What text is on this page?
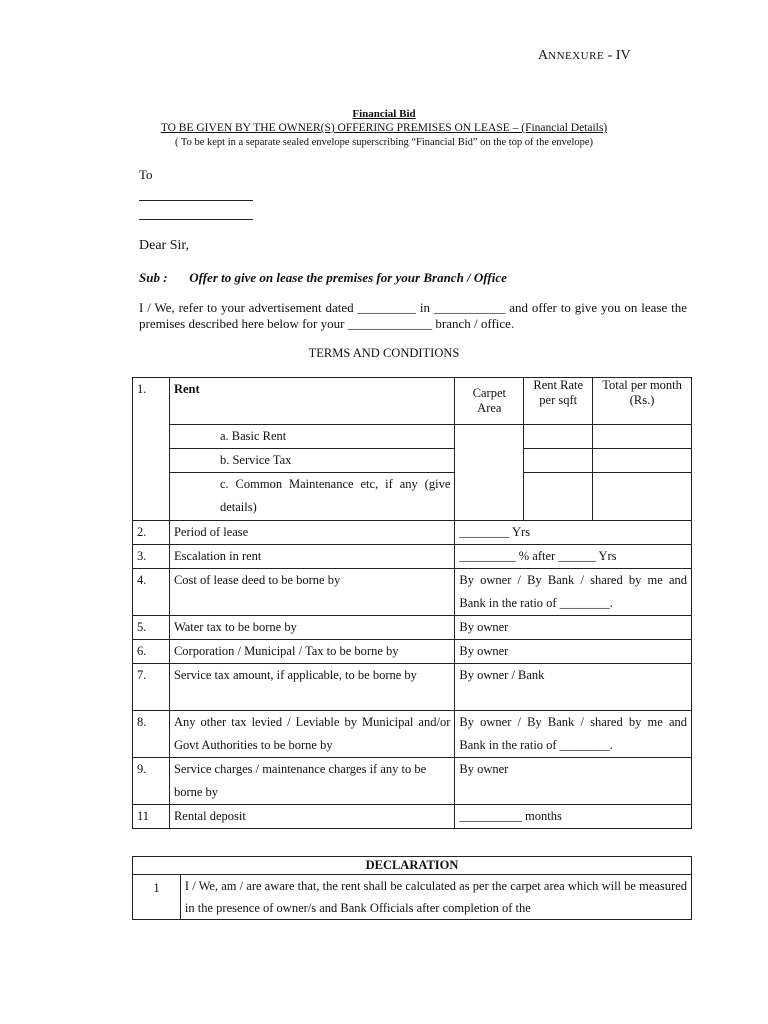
ANNEXURE - IV
Financial Bid
TO BE GIVEN BY THE OWNER(S) OFFERING PREMISES ON LEASE – (Financial Details)
( To be kept in a separate sealed envelope superscribing “Financial Bid” on the top of the envelope)
To
Dear Sir,
Sub : Offer to give on lease the premises for your Branch / Office
I / We, refer to your advertisement dated _________ in ___________ and offer to give you on lease the premises described here below for your _____________ branch / office.
TERMS AND CONDITIONS
1.	Rent	Carpet Area	Rent Rate per sqft	Total per month (Rs.)
	a. Basic Rent			
	b. Service Tax			
	c. Common Maintenance etc, if any (give details)			
2.	Period of lease	________ Yrs		
3.	Escalation in rent	_________ % after ______ Yrs		
4.	Cost of lease deed to be borne by	By owner / By Bank / shared by me and Bank in the ratio of ________.		
5.	Water tax to be borne by	By owner		
6.	Corporation / Municipal / Tax to be borne by	By owner		
7.	Service tax amount, if applicable, to be borne by	By owner / Bank		
8.	Any other tax levied / Leviable by Municipal and/or Govt Authorities to be borne by	By owner / By Bank / shared by me and Bank in the ratio of ________.		
9.	Service charges / maintenance charges if any to be borne by	By owner		
11	Rental deposit	__________ months		
DECLARATION
1	I / We, am / are aware that, the rent shall be calculated as per the carpet area which will be measured in the presence of owner/s and Bank Officials after completion of the
